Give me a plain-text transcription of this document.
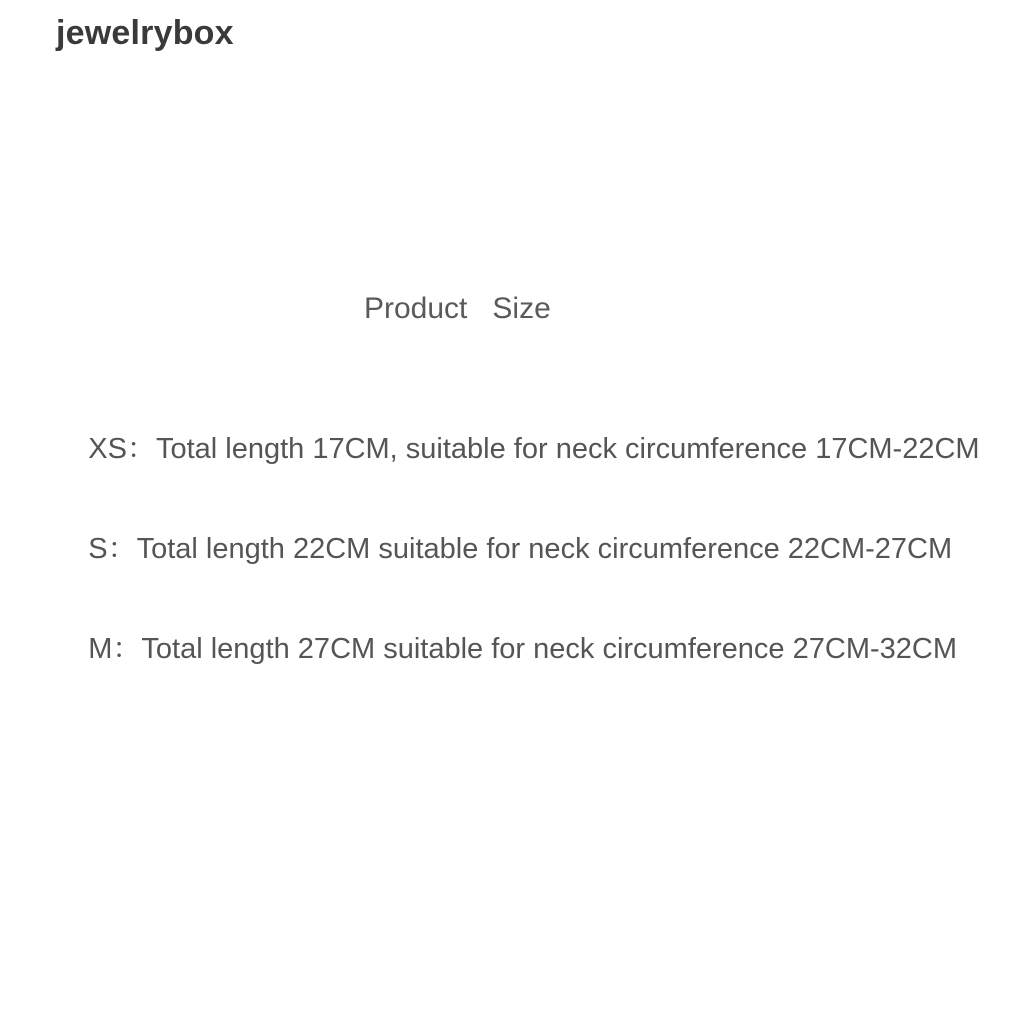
jewelrybox
Product   Size

XS：Total length 17CM, suitable for neck circumference 17CM-22CM

S：Total length 22CM suitable for neck circumference 22CM-27CM

M：Total length 27CM suitable for neck circumference 27CM-32CM
